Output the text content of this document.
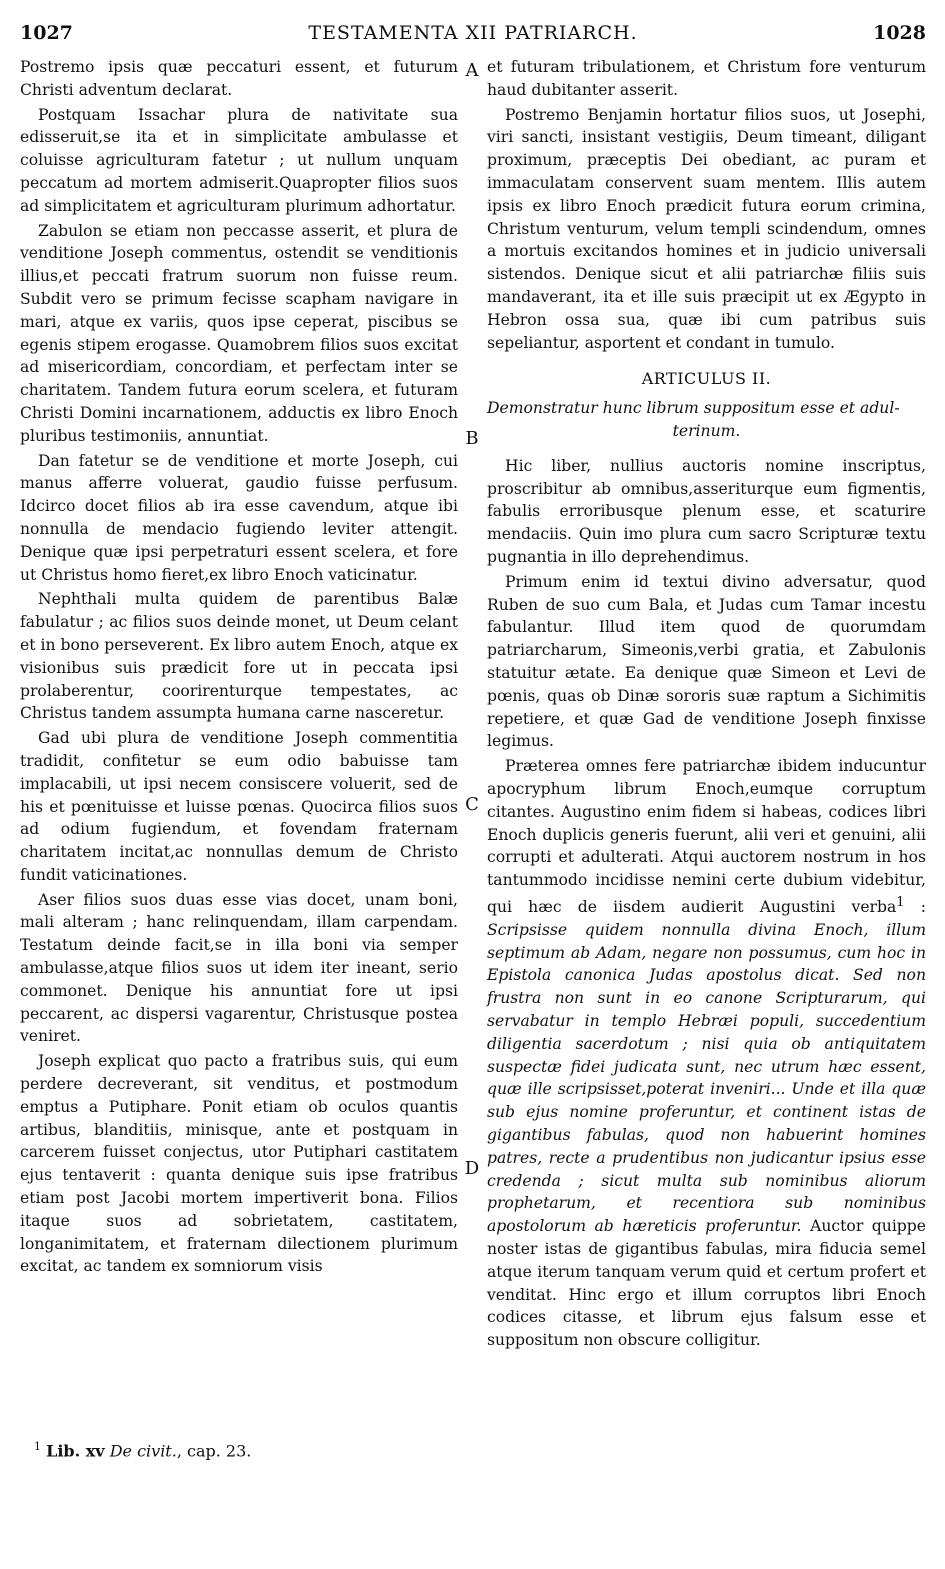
1027	TESTAMENTA XII PATRIARCH.	1028

Postremo ipsis quæ peccaturi essent, et futurum Christi adventum declarat.

Postquam Issachar plura de nativitate sua edisseruit,se ita et in simplicitate ambulasse et coluisse agriculturam fatetur ; ut nullum unquam peccatum ad mortem admiserit.Quapropter filios suos ad simplicitatem et agriculturam plurimum adhortatur.

Zabulon se etiam non peccasse asserit, et plura de venditione Joseph commentus, ostendit se venditionis illius,et peccati fratrum suorum non fuisse reum. Subdit vero se primum fecisse scapham navigare in mari, atque ex variis, quos ipse ceperat, piscibus se egenis stipem erogasse. Quamobrem filios suos excitat ad misericordiam, concordiam, et perfectam inter se charitatem. Tandem futura eorum scelera, et futuram Christi Domini incarnationem, adductis ex libro Enoch pluribus testimoniis, annuntiat.

Dan fatetur se de venditione et morte Joseph, cui manus afferre voluerat, gaudio fuisse perfusum. Idcirco docet filios ab ira esse cavendum, atque ibi nonnulla de mendacio fugiendo leviter attengit. Denique quæ ipsi perpetraturi essent scelera, et fore ut Christus homo fieret,ex libro Enoch vaticinatur.

Nephthali multa quidem de parentibus Balæ fabulatur ; ac filios suos deinde monet, ut Deum celant et in bono perseverent. Ex libro autem Enoch, atque ex visionibus suis prædicit fore ut in peccata ipsi prolaberentur, coorirenturque tempestates, ac Christus tandem assumpta humana carne nasceretur.

Gad ubi plura de venditione Joseph commentitia tradidit, confitetur se eum odio babuisse tam implacabili, ut ipsi necem consiscere voluerit, sed de his et pœnituisse et luisse pœnas. Quocirca filios suos ad odium fugiendum, et fovendam fraternam charitatem incitat,ac nonnullas demum de Christo fundit vaticinationes.

Aser filios suos duas esse vias docet, unam boni, mali alteram ; hanc relinquendam, illam carpendam. Testatum deinde facit,se in illa boni via semper ambulasse,atque filios suos ut idem iter ineant, serio commonet. Denique his annuntiat fore ut ipsi peccarent, ac dispersi vagarentur, Christusque postea veniret.

Joseph explicat quo pacto a fratribus suis, qui eum perdere decreverant, sit venditus, et postmodum emptus a Putiphare. Ponit etiam ob oculos quantis artibus, blanditiis, minisque, ante et postquam in carcerem fuisset conjectus, utor Putiphari castitatem ejus tentaverit : quanta denique suis ipse fratribus etiam post Jacobi mortem impertiverit bona. Filios itaque suos ad sobrietatem, castitatem, longanimitatem, et fraternam dilectionem plurimum excitat, ac tandem ex somniorum visis

A
B
C
D

et futuram tribulationem, et Christum fore venturum haud dubitanter asserit.

Postremo Benjamin hortatur filios suos, ut Josephi, viri sancti, insistant vestigiis, Deum timeant, diligant proximum, præceptis Dei obediant, ac puram et immaculatam conservent suam mentem. Illis autem ipsis ex libro Enoch prædicit futura eorum crimina, Christum venturum, velum templi scindendum, omnes a mortuis excitandos homines et in judicio universali sistendos. Denique sicut et alii patriarchæ filiis suis mandaverant, ita et ille suis præcipit ut ex Ægypto in Hebron ossa sua, quæ ibi cum patribus suis sepeliantur, asportent et condant in tumulo.

ARTICULUS II.
Demonstratur hunc librum suppositum esse et adul-
terinum.

Hic liber, nullius auctoris nomine inscriptus, proscribitur ab omnibus,asseriturque eum figmentis, fabulis erroribusque plenum esse, et scaturire mendaciis. Quin imo plura cum sacro Scripturæ textu pugnantia in illo deprehendimus.

Primum enim id textui divino adversatur, quod Ruben de suo cum Bala, et Judas cum Tamar incestu fabulantur. Illud item quod de quorumdam patriarcharum, Simeonis,verbi gratia, et Zabulonis statuitur ætate. Ea denique quæ Simeon et Levi de pœnis, quas ob Dinæ sororis suæ raptum a Sichimitis repetiere, et quæ Gad de venditione Joseph finxisse legimus.

Præterea omnes fere patriarchæ ibidem inducuntur apocryphum librum Enoch,eumque corruptum citantes. Augustino enim fidem si habeas, codices libri Enoch duplicis generis fuerunt, alii veri et genuini, alii corrupti et adulterati. Atqui auctorem nostrum in hos tantummodo incidisse nemini certe dubium videbitur, qui hæc de iisdem audierit Augustini verba$^1$ : Scripsisse quidem nonnulla divina Enoch, illum septimum ab Adam, negare non possumus, cum hoc in Epistola canonica Judas apostolus dicat. Sed non frustra non sunt in eo canone Scripturarum, qui servabatur in templo Hebræi populi, succedentium diligentia sacerdotum ; nisi quia ob antiquitatem suspectæ fidei judicata sunt, nec utrum hæc essent, quæ ille scripsisset,poterat inveniri... Unde et illa quæ sub ejus nomine proferuntur, et continent istas de gigantibus fabulas, quod non habuerint homines patres, recte a prudentibus non judicantur ipsius esse credenda ; sicut multa sub nominibus aliorum prophetarum, et recentiora sub nominibus apostolorum ab hæreticis proferuntur. Auctor quippe noster istas de gigantibus fabulas, mira fiducia semel atque iterum tanquam verum quid et certum profert et venditat. Hinc ergo et illum corruptos libri Enoch codices citasse, et librum ejus falsum esse et suppositum non obscure colligitur.

$^1$ Lib. xv De civit., cap. 23.
